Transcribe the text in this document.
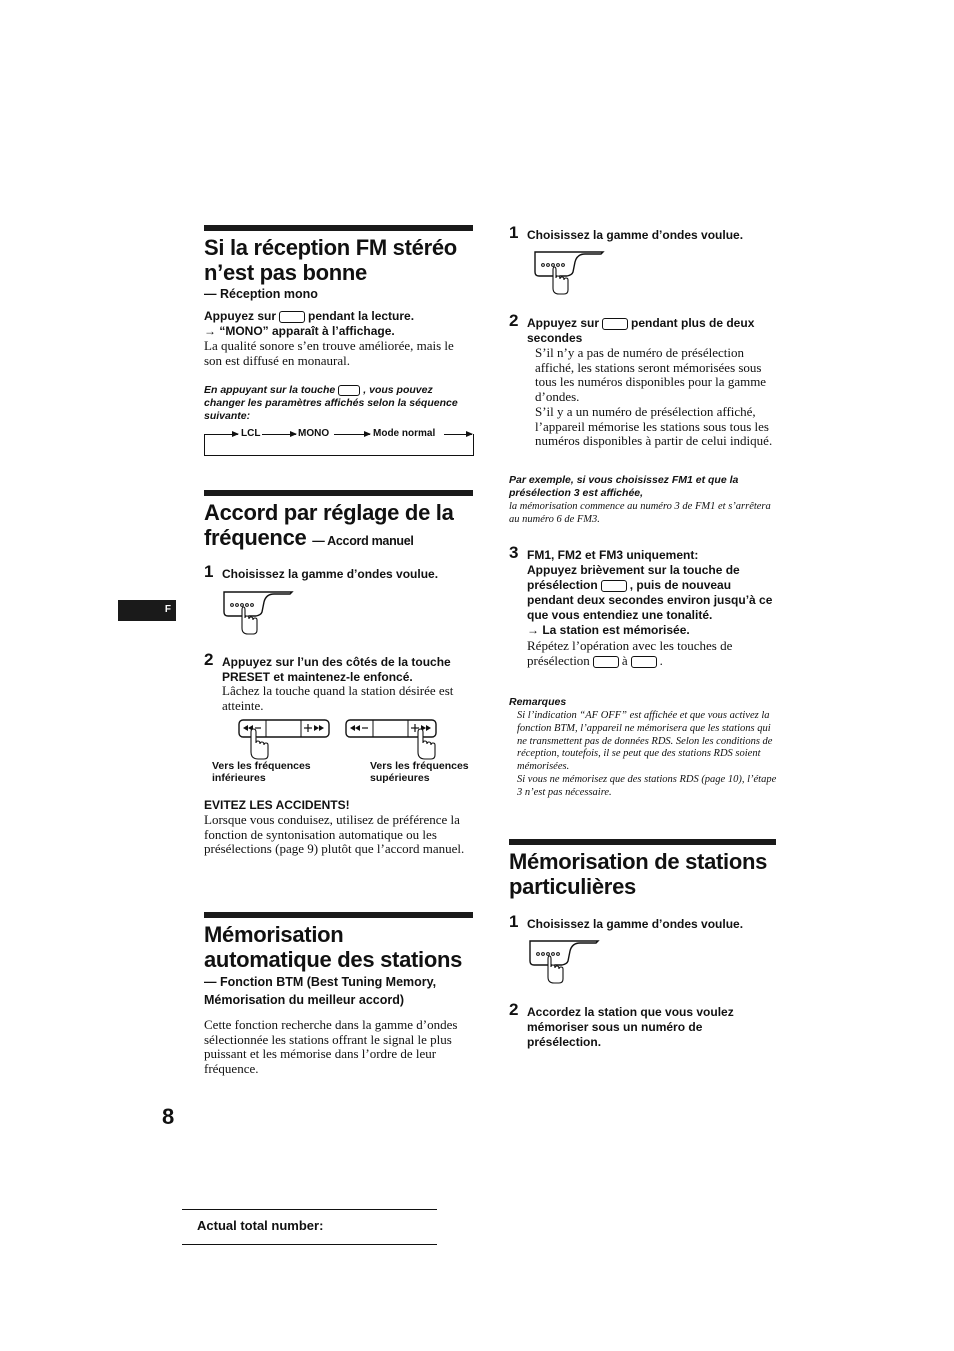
Si la réception FM stéréo
n’est pas bonne
— Réception mono
Appuyez sur	pendant la lecture.
→ “MONO” apparaît à l’affichage.
La qualité sonore s’en trouve améliorée, mais le son est diffusé en monaural.
En appuyant sur la touche	, vous pouvez changer les paramètres affichés selon la séquence suivante:
LCL	MONO	Mode normal
Accord par réglage de la
fréquence — Accord manuel
1 Choisissez la gamme d’ondes voulue.
2 Appuyez sur l’un des côtés de la touche
PRESET et maintenez-le enfoncé.
Lâchez la touche quand la station désirée est atteinte.
Vers les fréquences inférieures
Vers les fréquences supérieures
EVITEZ LES ACCIDENTS!
Lorsque vous conduisez, utilisez de préférence la fonction de syntonisation automatique ou les présélections (page 9) plutôt que l’accord manuel.
Mémorisation
automatique des stations
— Fonction BTM (Best Tuning Memory, Mémorisation du meilleur accord)
Cette fonction recherche dans la gamme d’ondes sélectionnée les stations offrant le signal le plus puissant et les mémorise dans l’ordre de leur fréquence.
F
8
Actual total number:
1 Choisissez la gamme d’ondes voulue.
2 Appuyez sur	pendant plus de deux secondes
S’il n’y a pas de numéro de présélection affiché, les stations seront mémorisées sous tous les numéros disponibles pour la gamme d’ondes.
S’il y a un numéro de présélection affiché, l’appareil mémorise les stations sous tous les numéros disponibles à partir de celui indiqué.
Par exemple, si vous choisissez FM1 et que la présélection 3 est affichée,
la mémorisation commence au numéro 3 de FM1 et s’arrêtera au numéro 6 de FM3.
3 FM1, FM2 et FM3 uniquement:
Appuyez brièvement sur la touche de
présélection	, puis de nouveau
pendant deux secondes environ jusqu’à ce que vous entendiez une tonalité.
→ La station est mémorisée.
Répétez l’opération avec les touches de présélection à .
Remarques
Si l’indication “AF OFF” est affichée et que vous activez la fonction BTM, l’appareil ne mémorisera que les stations qui ne transmettent pas de données RDS. Selon les conditions de réception, toutefois, il se peut que des stations RDS soient mémorisées.
Si vous ne mémorisez que des stations RDS (page 10), l’étape 3 n’est pas nécessaire.
Mémorisation de stations
particulières
1 Choisissez la gamme d’ondes voulue.
2 Accordez la station que vous voulez mémoriser sous un numéro de présélection.
